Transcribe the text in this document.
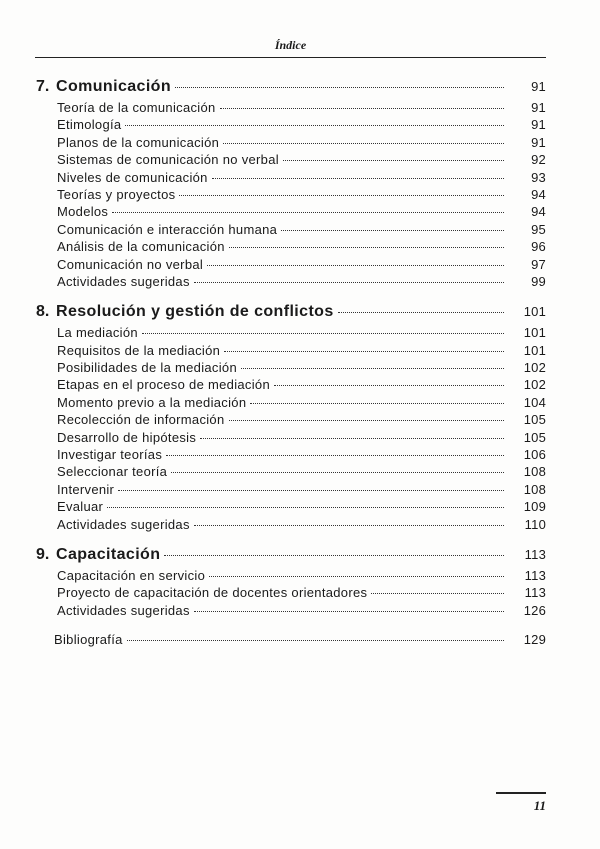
Índice
7. Comunicación	91
Teoría de la comunicación	91
Etimología	91
Planos de la comunicación	91
Sistemas de comunicación no verbal	92
Niveles de comunicación	93
Teorías y proyectos	94
Modelos	94
Comunicación e interacción humana	95
Análisis de la comunicación	96
Comunicación no verbal	97
Actividades sugeridas	99
8. Resolución y gestión de conflictos	101
La mediación	101
Requisitos de la mediación	101
Posibilidades de la mediación	102
Etapas en el proceso de mediación	102
Momento previo a la mediación	104
Recolección de información	105
Desarrollo de hipótesis	105
Investigar teorías	106
Seleccionar teoría	108
Intervenir	108
Evaluar	109
Actividades sugeridas	110
9. Capacitación	113
Capacitación en servicio	113
Proyecto de capacitación de docentes orientadores	113
Actividades sugeridas	126
Bibliografía	129
11
